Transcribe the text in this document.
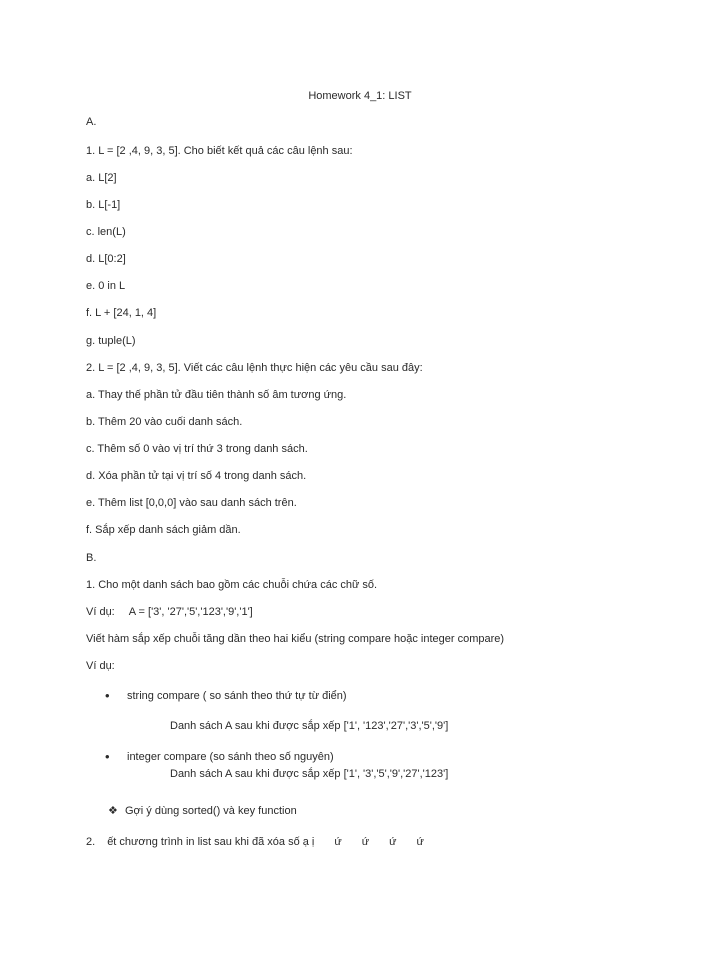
Homework 4_1: LIST
A.
1. L = [2 ,4, 9, 3, 5]. Cho biết kết quả các câu lệnh sau:
a. L[2]
b. L[-1]
c. len(L)
d. L[0:2]
e. 0 in L
f. L + [24, 1, 4]
g. tuple(L)
2. L = [2 ,4, 9, 3, 5]. Viết các câu lệnh thực hiện các yêu cầu sau đây:
a. Thay thế phần tử đầu tiên thành số âm tương ứng.
b. Thêm 20 vào cuối danh sách.
c. Thêm số 0 vào vị trí thứ 3 trong danh sách.
d. Xóa phần tử tại vị trí số 4 trong danh sách.
e. Thêm list [0,0,0] vào sau danh sách trên.
f. Sắp xếp danh sách giảm dần.
B.
1. Cho một danh sách bao gồm các chuỗi chứa các chữ số.
Ví dụ: A = ['3', '27','5','123','9','1']
Viết hàm sắp xếp chuỗi tăng dần theo hai kiểu (string compare hoặc integer compare)
Ví dụ:
• string compare ( so sánh theo thứ tự từ điển)
Danh sách A sau khi được sắp xếp ['1', '123','27','3','5','9']
• integer compare (so sánh theo số nguyên)
Danh sách A sau khi được sắp xếp ['1', '3','5','9','27','123']
❖ Gợi ý dùng sorted() và key function
2. ết chương trình in list sau khi đã xóa số ạ ị ứ ứ ứ ứ
